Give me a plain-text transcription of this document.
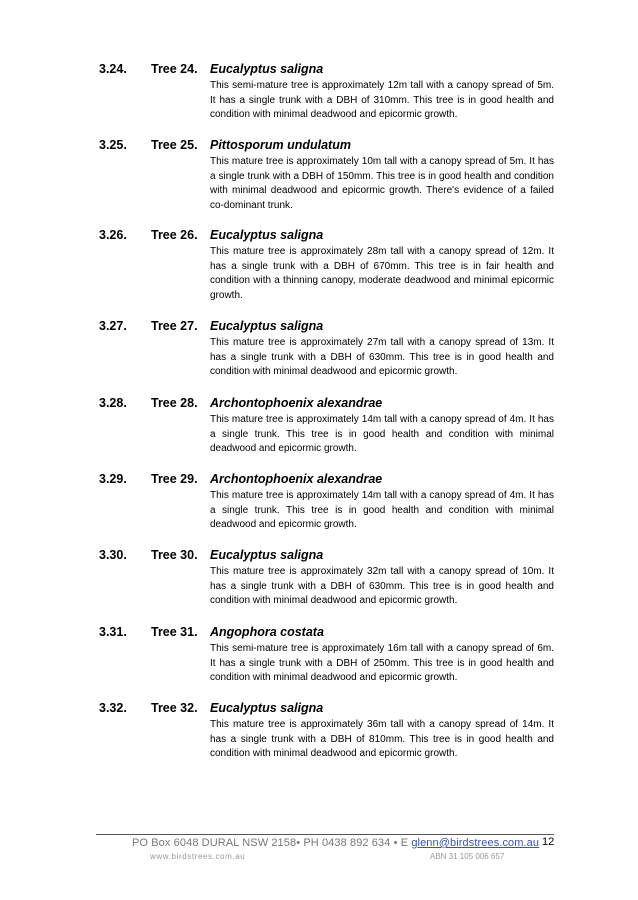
3.24. Tree 24. Eucalyptus saligna
This semi-mature tree is approximately 12m tall with a canopy spread of 5m. It has a single trunk with a DBH of 310mm. This tree is in good health and condition with minimal deadwood and epicormic growth.
3.25. Tree 25. Pittosporum undulatum
This mature tree is approximately 10m tall with a canopy spread of 5m. It has a single trunk with a DBH of 150mm. This tree is in good health and condition with minimal deadwood and epicormic growth. There's evidence of a failed co-dominant trunk.
3.26. Tree 26. Eucalyptus saligna
This mature tree is approximately 28m tall with a canopy spread of 12m. It has a single trunk with a DBH of 670mm. This tree is in fair health and condition with a thinning canopy, moderate deadwood and minimal epicormic growth.
3.27. Tree 27. Eucalyptus saligna
This mature tree is approximately 27m tall with a canopy spread of 13m. It has a single trunk with a DBH of 630mm. This tree is in good health and condition with minimal deadwood and epicormic growth.
3.28. Tree 28. Archontophoenix alexandrae
This mature tree is approximately 14m tall with a canopy spread of 4m. It has a single trunk. This tree is in good health and condition with minimal deadwood and epicormic growth.
3.29. Tree 29. Archontophoenix alexandrae
This mature tree is approximately 14m tall with a canopy spread of 4m. It has a single trunk. This tree is in good health and condition with minimal deadwood and epicormic growth.
3.30. Tree 30. Eucalyptus saligna
This mature tree is approximately 32m tall with a canopy spread of 10m. It has a single trunk with a DBH of 630mm. This tree is in good health and condition with minimal deadwood and epicormic growth.
3.31. Tree 31. Angophora costata
This semi-mature tree is approximately 16m tall with a canopy spread of 6m. It has a single trunk with a DBH of 250mm. This tree is in good health and condition with minimal deadwood and epicormic growth.
3.32. Tree 32. Eucalyptus saligna
This mature tree is approximately 36m tall with a canopy spread of 14m. It has a single trunk with a DBH of 810mm. This tree is in good health and condition with minimal deadwood and epicormic growth.
PO Box 6048 DURAL NSW 2158• PH 0438 892 634 • E glenn@birdstrees.com.au
www.birdstrees.com.au	ABN 31 105 006 657
12
